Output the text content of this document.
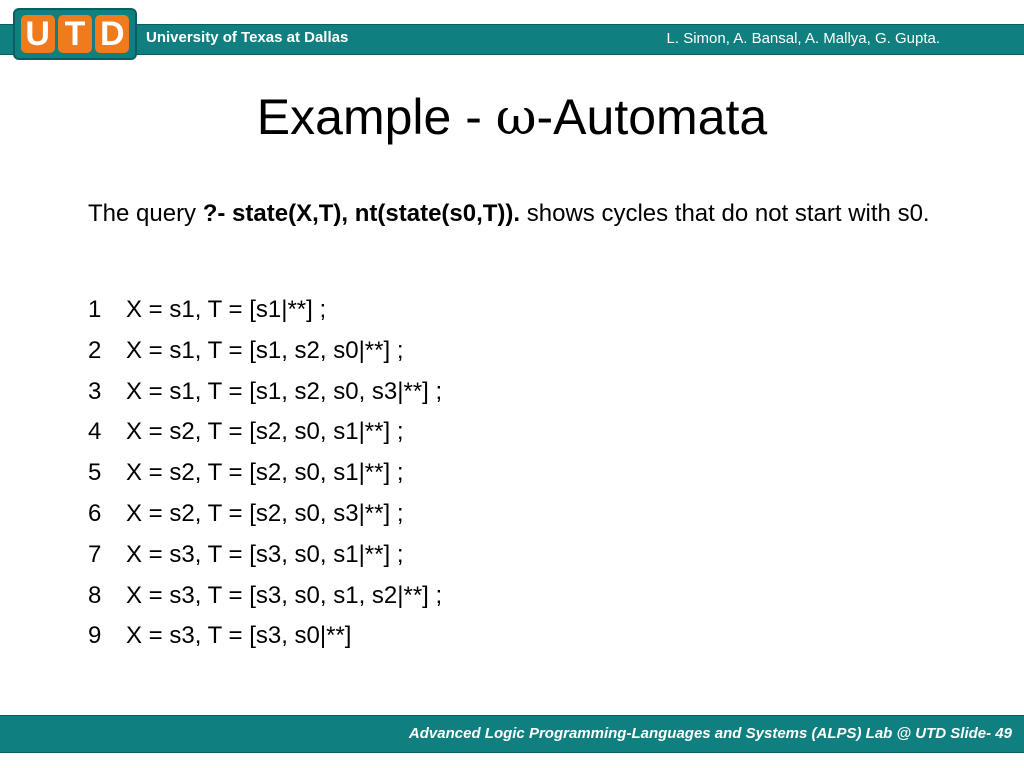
U T D	University of Texas at Dallas	L. Simon, A. Bansal, A. Mallya, G. Gupta.
Example - ω-Automata
The query ?- state(X,T), nt(state(s0,T)). shows cycles that do not start with s0.
1	X = s1, T = [s1|**] ;
2	X = s1, T = [s1, s2, s0|**] ;
3	X = s1, T = [s1, s2, s0, s3|**] ;
4	X = s2, T = [s2, s0, s1|**] ;
5	X = s2, T = [s2, s0, s1|**] ;
6	X = s2, T = [s2, s0, s3|**] ;
7	X = s3, T = [s3, s0, s1|**] ;
8	X = s3, T = [s3, s0, s1, s2|**] ;
9	X = s3, T = [s3, s0|**]
Advanced Logic Programming-Languages and Systems (ALPS) Lab @ UTD Slide- 49
